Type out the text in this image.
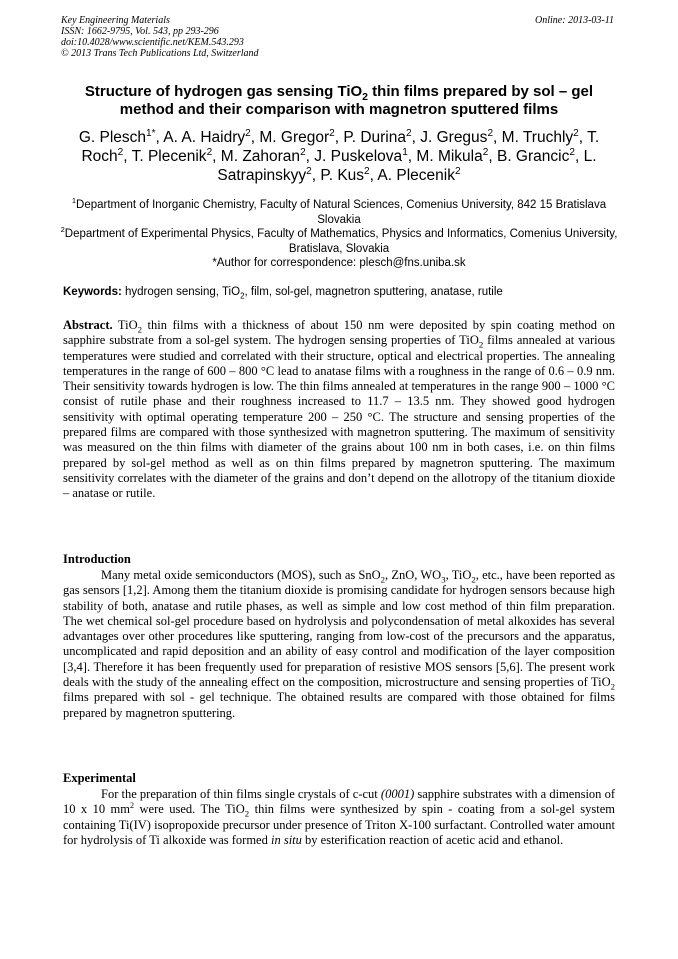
Key Engineering Materials
ISSN: 1662-9795, Vol. 543, pp 293-296
doi:10.4028/www.scientific.net/KEM.543.293
© 2013 Trans Tech Publications Ltd, Switzerland
Online: 2013-03-11
Structure of hydrogen gas sensing TiO$_2$ thin films prepared by sol – gel method and their comparison with magnetron sputtered films
G. Plesch$^{1*}$, A. A. Haidry$^2$, M. Gregor$^2$, P. Durina$^2$, J. Gregus$^2$, M. Truchly$^2$, T. Roch$^2$, T. Plecenik$^2$, M. Zahoran$^2$, J. Puskelova$^1$, M. Mikula$^2$, B. Grancic$^2$, L. Satrapinskyy$^2$, P. Kus$^2$, A. Plecenik$^2$
$^1$Department of Inorganic Chemistry, Faculty of Natural Sciences, Comenius University, 842 15 Bratislava Slovakia
$^2$Department of Experimental Physics, Faculty of Mathematics, Physics and Informatics, Comenius University, Bratislava, Slovakia
*Author for correspondence: plesch@fns.uniba.sk
Keywords: hydrogen sensing, TiO$_2$, film, sol-gel, magnetron sputtering, anatase, rutile
Abstract. TiO$_2$ thin films with a thickness of about 150 nm were deposited by spin coating method on sapphire substrate from a sol-gel system. The hydrogen sensing properties of TiO$_2$ films annealed at various temperatures were studied and correlated with their structure, optical and electrical properties. The annealing temperatures in the range of 600 – 800 °C lead to anatase films with a roughness in the range of 0.6 – 0.9 nm. Their sensitivity towards hydrogen is low. The thin films annealed at temperatures in the range 900 – 1000 °C consist of rutile phase and their roughness increased to 11.7 – 13.5 nm. They showed good hydrogen sensitivity with optimal operating temperature 200 – 250 °C. The structure and sensing properties of the prepared films are compared with those synthesized with magnetron sputtering. The maximum of sensitivity was measured on the thin films with diameter of the grains about 100 nm in both cases, i.e. on thin films prepared by sol-gel method as well as on thin films prepared by magnetron sputtering. The maximum sensitivity correlates with the diameter of the grains and don’t depend on the allotropy of the titanium dioxide – anatase or rutile.
Introduction
Many metal oxide semiconductors (MOS), such as SnO$_2$, ZnO, $WO_3$, TiO$_2$, etc., have been reported as gas sensors [1,2]. Among them the titanium dioxide is promising candidate for hydrogen sensors because high stability of both, anatase and rutile phases, as well as simple and low cost method of thin film preparation. The wet chemical sol-gel procedure based on hydrolysis and polycondensation of metal alkoxides has several advantages over other procedures like sputtering, ranging from low-cost of the precursors and the apparatus, uncomplicated and rapid deposition and an ability of easy control and modification of the layer composition [3,4]. Therefore it has been frequently used for preparation of resistive MOS sensors [5,6]. The present work deals with the study of the annealing effect on the composition, microstructure and sensing properties of TiO$_2$ films prepared with sol - gel technique. The obtained results are compared with those obtained for films prepared by magnetron sputtering.
Experimental
For the preparation of thin films single crystals of c-cut (0001) sapphire substrates with a dimension of 10 x 10 $mm^2$ were used. The TiO$_2$ thin films were synthesized by spin - coating from a sol-gel system containing Ti(IV) isopropoxide precursor under presence of Triton X-100 surfactant. Controlled water amount for hydrolysis of Ti alkoxide was formed in situ by esterification reaction of acetic acid and ethanol.
